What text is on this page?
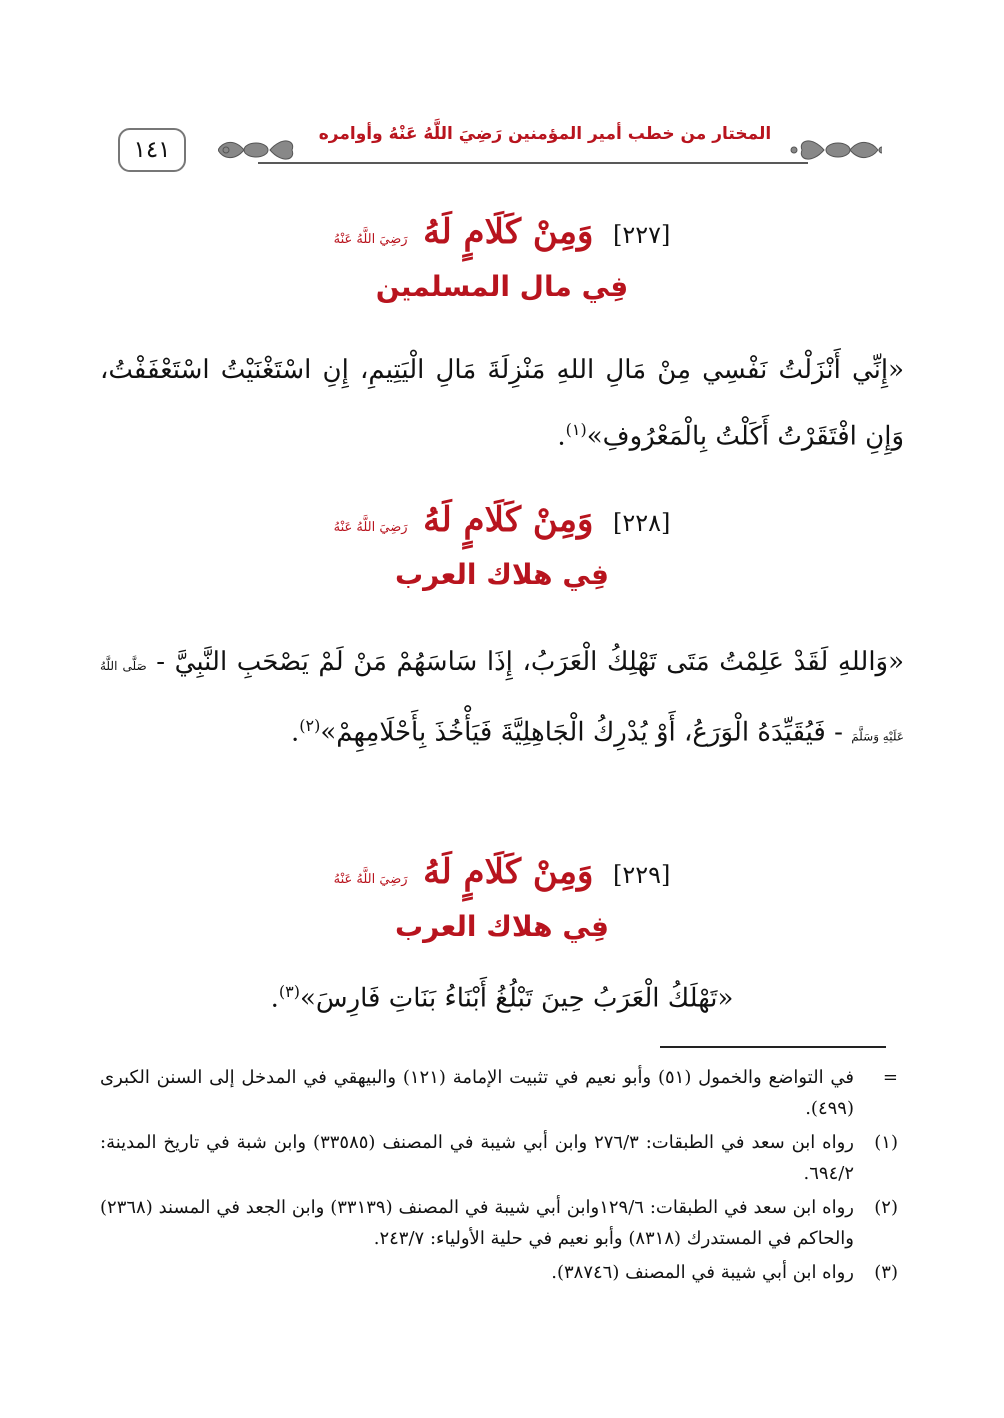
المختار من خطب أمير المؤمنين رَضِيَ اللَّهُ عَنْهُ وأوامره
١٤١
[٢٢٧] وَمِنْ كَلَامٍ لَهُ رَضِيَ اللَّهُ عَنْهُ
فِي مال المسلمين

«إِنِّي أَنْزَلْتُ نَفْسِي مِنْ مَالِ اللهِ مَنْزِلَةَ مَالِ الْيَتِيمِ، إِنِ اسْتَغْنَيْتُ اسْتَعْفَفْتُ، وَإِنِ افْتَقَرْتُ أَكَلْتُ بِالْمَعْرُوفِ»$^{(١)}$.

[٢٢٨] وَمِنْ كَلَامٍ لَهُ رَضِيَ اللَّهُ عَنْهُ
فِي هلاك العرب

«وَاللهِ لَقَدْ عَلِمْتُ مَتَى تَهْلِكُ الْعَرَبُ، إِذَا سَاسَهُمْ مَنْ لَمْ يَصْحَبِ النَّبِيَّ - صَلَّى اللَّهُ عَلَيْهِ وَسَلَّمَ - فَيُقَيِّدَهُ الْوَرَعُ، أَوْ يُدْرِكُ الْجَاهِلِيَّةَ فَيَأْخُذَ بِأَحْلَامِهِمْ»$^{(٢)}$.

[٢٢٩] وَمِنْ كَلَامٍ لَهُ رَضِيَ اللَّهُ عَنْهُ
فِي هلاك العرب

«تَهْلَكُ الْعَرَبُ حِينَ تَبْلُغُ أَبْنَاءُ بَنَاتِ فَارِسَ»$^{(٣)}$.

=
في التواضع والخمول (٥١) وأبو نعيم في تثبيت الإمامة (١٢١) والبيهقي في المدخل إلى السنن الكبرى (٤٩٩).
(١)
رواه ابن سعد في الطبقات: ٢٧٦/٣ وابن أبي شيبة في المصنف (٣٣٥٨٥) وابن شبة في تاريخ المدينة: ٦٩٤/٢.
(٢)
رواه ابن سعد في الطبقات: ١٢٩/٦وابن أبي شيبة في المصنف (٣٣١٣٩) وابن الجعد في المسند (٢٣٦٨) والحاكم في المستدرك (٨٣١٨) وأبو نعيم في حلية الأولياء: ٢٤٣/٧.
(٣)
رواه ابن أبي شيبة في المصنف (٣٨٧٤٦).
